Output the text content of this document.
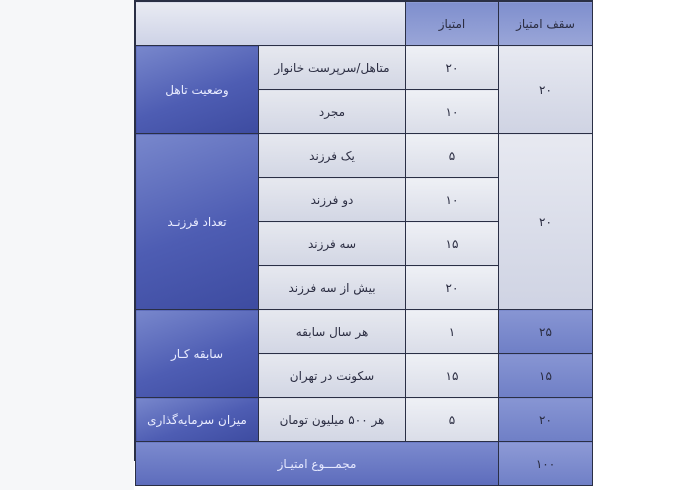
سقف امتیاز	امتیاز		
۲۰	۲۰	متاهل/سرپرست خانوار	وضعیت تاهل
	۱۰	مجرد	
۲۰	۵	یک فرزند	تعداد فرزنـد
	۱۰	دو فرزند	
	۱۵	سه فرزند	
	۲۰	بیش از سه فرزند	
۲۵	۱	هر سال سابقه	سابقه کـار
۱۵	۱۵	سکونت در تهران	
۲۰	۵	هر ۵۰۰ میلیون تومان	میزان سرمایه‌گذاری
۱۰۰	مجمـــوع امتیـاز		
